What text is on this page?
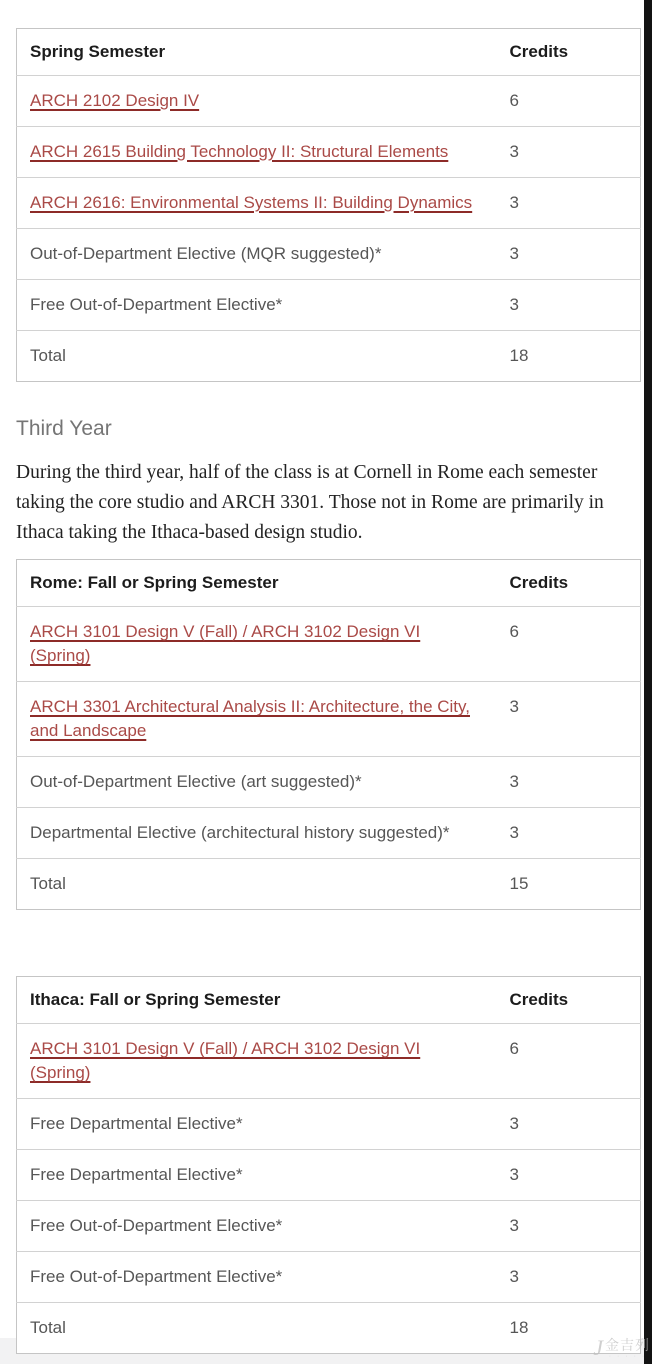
Spring Semester	Credits
ARCH 2102 Design IV	6
ARCH 2615 Building Technology II: Structural Elements	3
ARCH 2616: Environmental Systems II: Building Dynamics	3
Out-of-Department Elective (MQR suggested)*	3
Free Out-of-Department Elective*	3
Total	18
Third Year

During the third year, half of the class is at Cornell in Rome each semester taking the core studio and ARCH 3301. Those not in Rome are primarily in Ithaca taking the Ithaca-based design studio.

Rome: Fall or Spring Semester	Credits
ARCH 3101 Design V (Fall) / ARCH 3102 Design VI (Spring)	6
ARCH 3301 Architectural Analysis II: Architecture, the City, and Landscape	3
Out-of-Department Elective (art suggested)*	3
Departmental Elective (architectural history suggested)*	3
Total	15
Ithaca: Fall or Spring Semester	Credits
ARCH 3101 Design V (Fall) / ARCH 3102 Design VI (Spring)	6
Free Departmental Elective*	3
Free Departmental Elective*	3
Free Out-of-Department Elective*	3
Free Out-of-Department Elective*	3
Total	18
J 金吉列
· · · · ·
